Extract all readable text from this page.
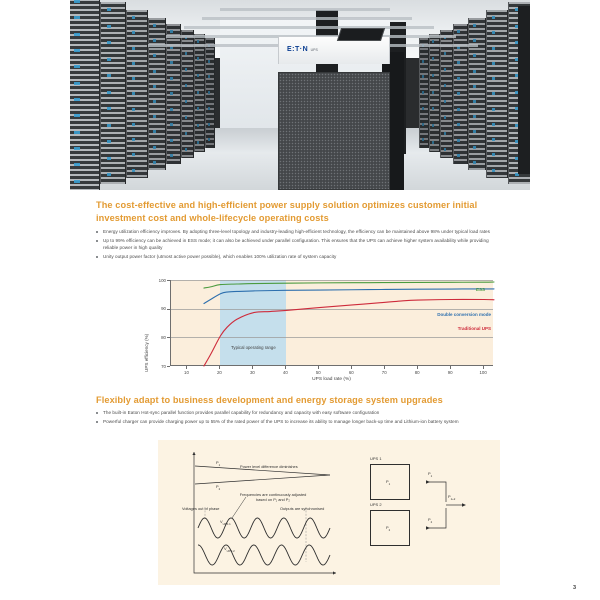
E:T·N UPS
The cost-effective and high-efficient power supply solution optimizes customer initial investment cost and whole-lifecycle operating costs
Energy utilization efficiency improves. By adopting three-level topology and industry-leading high-efficient technology, the efficiency can be maintained above 98% under typical load rates
Up to 99% efficiency can be achieved in ESS mode; it can also be achieved under parallel configuration. This ensures that the UPS can achieve higher system availability while providing reliable power in high quality
Unity output power factor (utmost active power possible), which enables 100% utilization rate of system capacity
UPS efficiency (%)	Typical operating range
70
80
90
100
10	20	30	40	50	60	70	80	90	100
ESS
Double conversion mode
Traditional UPS
UPS load rate (%)
Flexibly adapt to business development and energy storage system upgrades
The built-in Eaton Hot-sync parallel function provides parallel capability for redundancy and capacity with easy software configuration
Powerful charger can provide charging power up to 55% of the rated power of the UPS to increase its ability to manage longer back-up time and Lithium-ion battery system
$P_1$
$P_2$
Power level difference diminishes
Frequencies are continuously adjusted based on P₁ and P₂
Voltages out of phase	Outputs are synchronised
$V_{UPS 1}$
$V_{UPS 2}$
UPS 1
$P_1$
$P_1$
UPS 2
$P_2$
$P_2$
$P_{1+2}$
3
